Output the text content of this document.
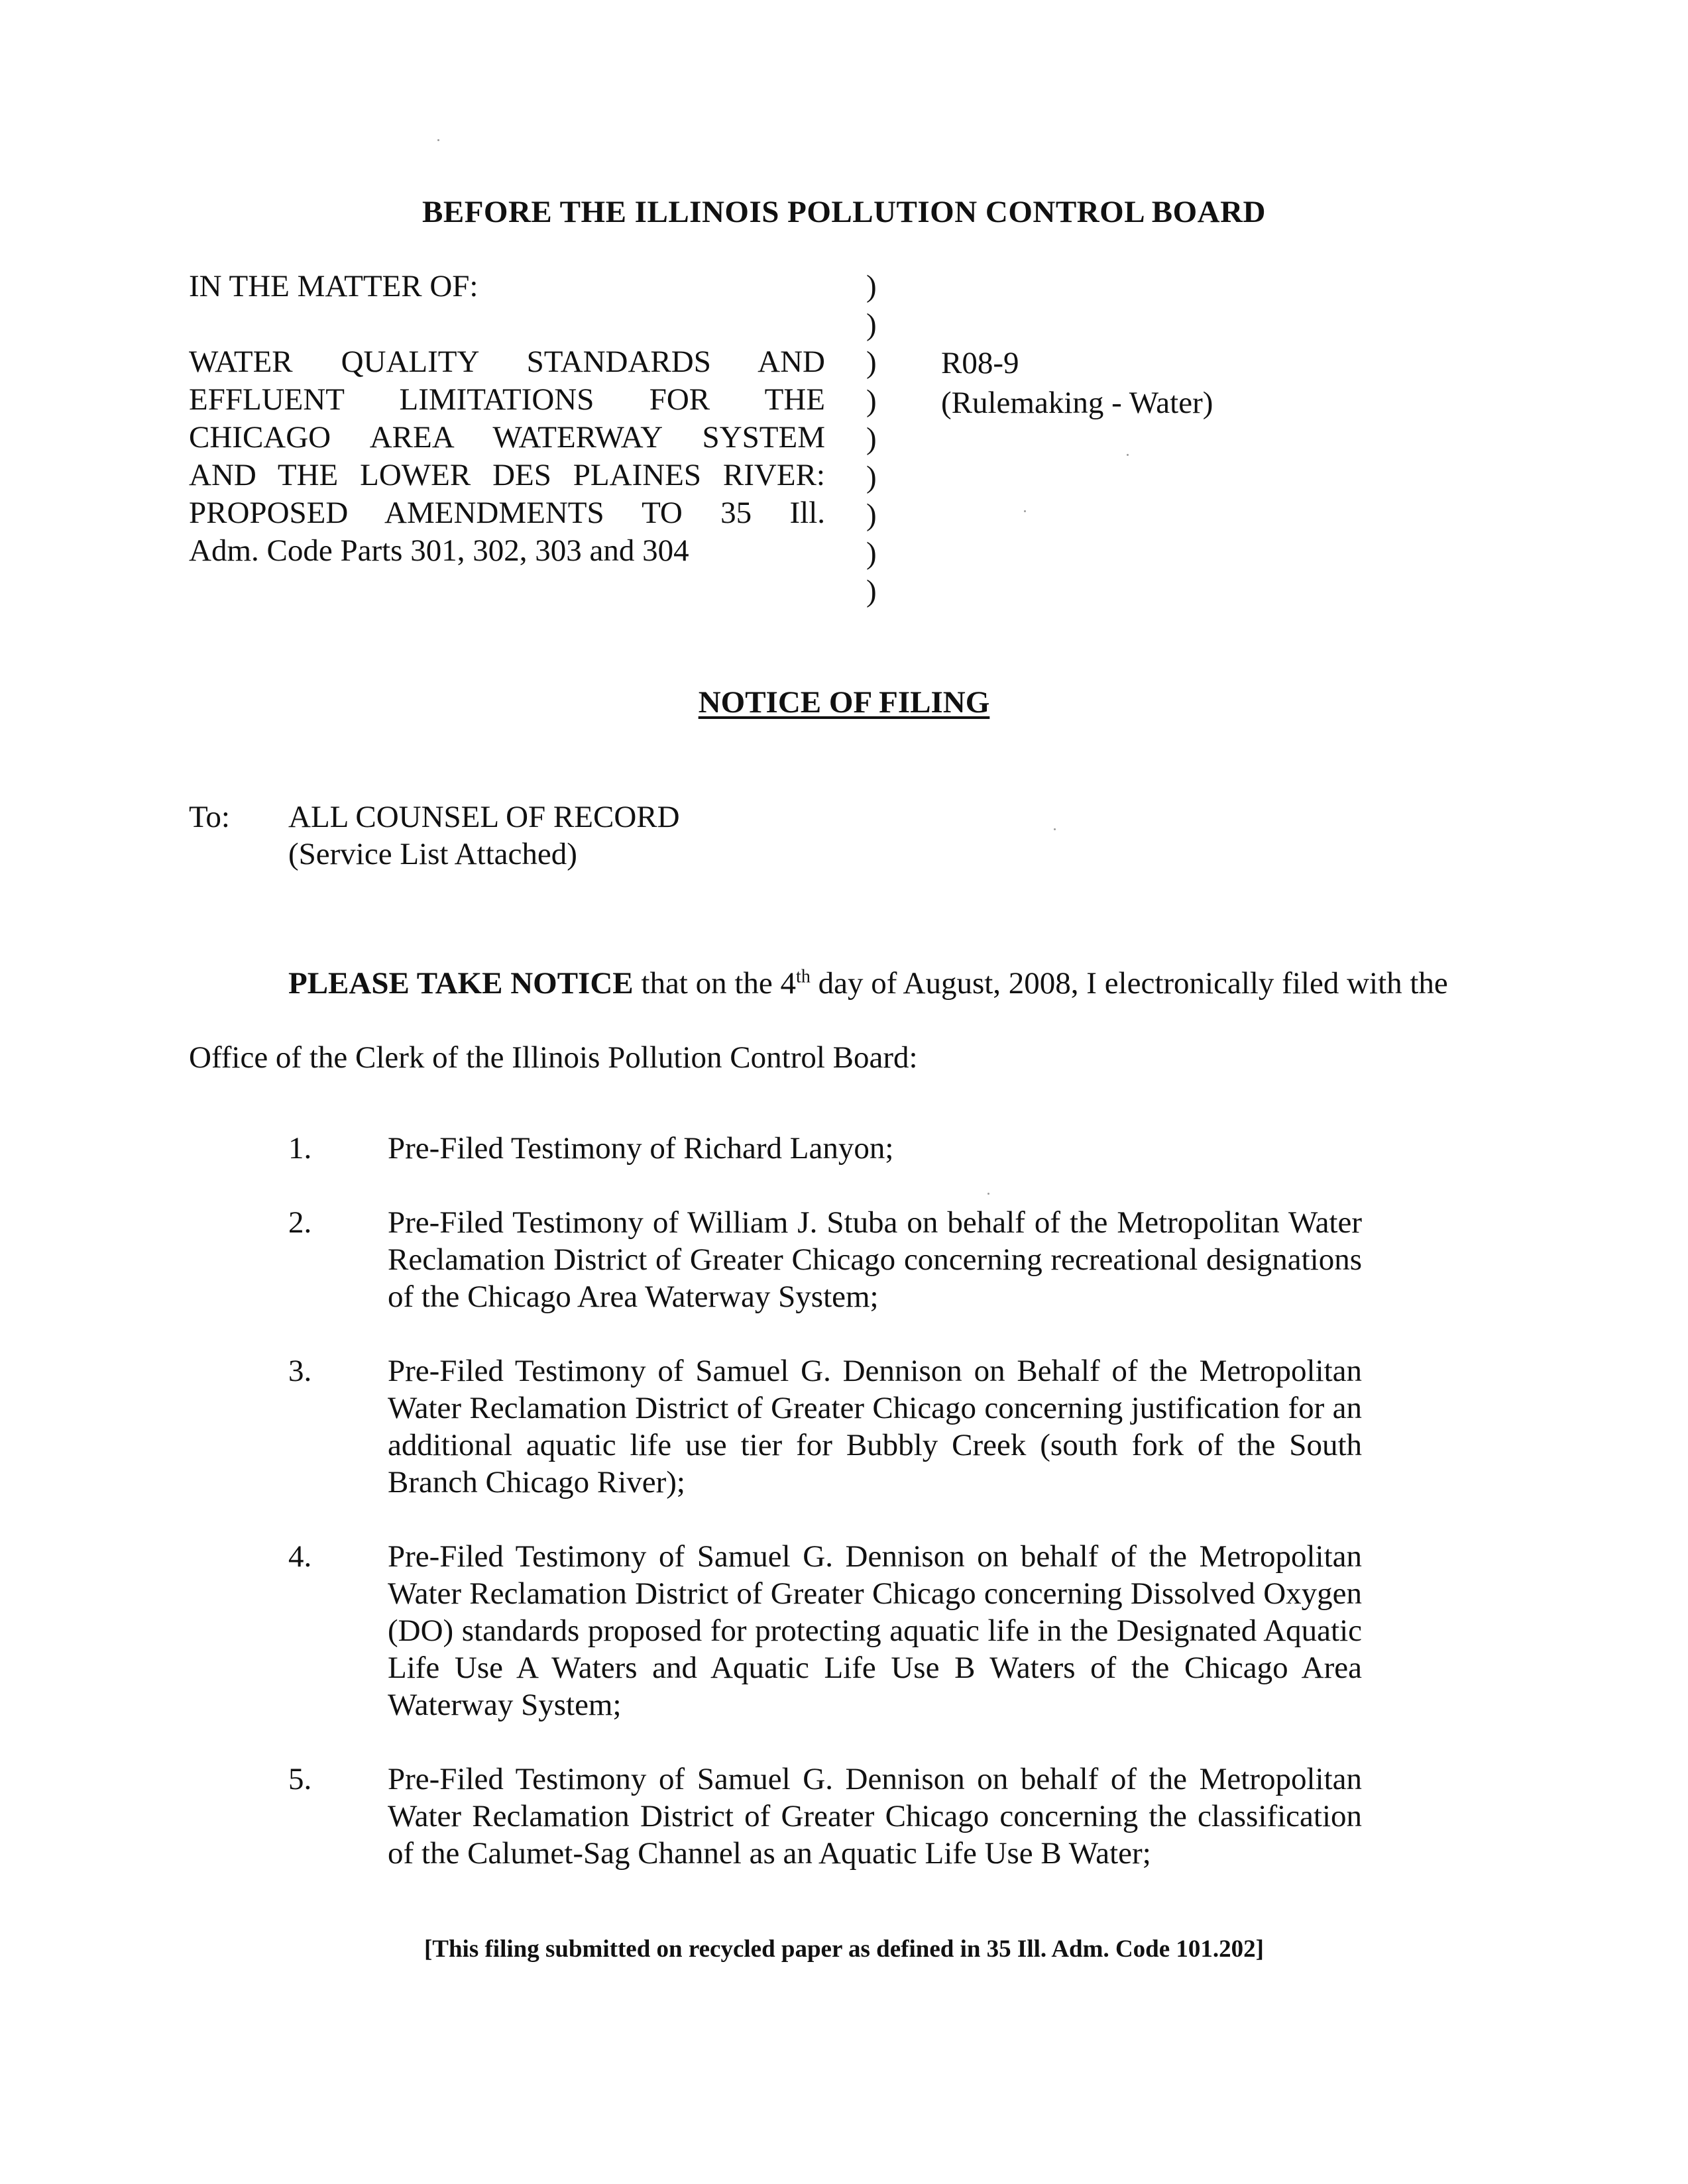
BEFORE THE ILLINOIS POLLUTION CONTROL BOARD
IN THE MATTER OF:
WATER QUALITY STANDARDS AND
EFFLUENT LIMITATIONS FOR THE
CHICAGO AREA WATERWAY SYSTEM
AND THE LOWER DES PLAINES RIVER:
PROPOSED AMENDMENTS TO 35 Ill.
Adm. Code Parts 301, 302, 303 and 304
)
)
)
)
)
)
)
)
)
R08-9
(Rulemaking - Water)
NOTICE OF FILING
To: ALL COUNSEL OF RECORD
(Service List Attached)
PLEASE TAKE NOTICE that on the 4th day of August, 2008, I electronically filed with the Office of the Clerk of the Illinois Pollution Control Board:
1. Pre-Filed Testimony of Richard Lanyon;
2. Pre-Filed Testimony of William J. Stuba on behalf of the Metropolitan Water Reclamation District of Greater Chicago concerning recreational designations of the Chicago Area Waterway System;
3. Pre-Filed Testimony of Samuel G. Dennison on Behalf of the Metropolitan Water Reclamation District of Greater Chicago concerning justification for an additional aquatic life use tier for Bubbly Creek (south fork of the South Branch Chicago River);
4. Pre-Filed Testimony of Samuel G. Dennison on behalf of the Metropolitan Water Reclamation District of Greater Chicago concerning Dissolved Oxygen (DO) standards proposed for protecting aquatic life in the Designated Aquatic Life Use A Waters and Aquatic Life Use B Waters of the Chicago Area Waterway System;
5. Pre-Filed Testimony of Samuel G. Dennison on behalf of the Metropolitan Water Reclamation District of Greater Chicago concerning the classification of the Calumet-Sag Channel as an Aquatic Life Use B Water;
[This filing submitted on recycled paper as defined in 35 Ill. Adm. Code 101.202]
